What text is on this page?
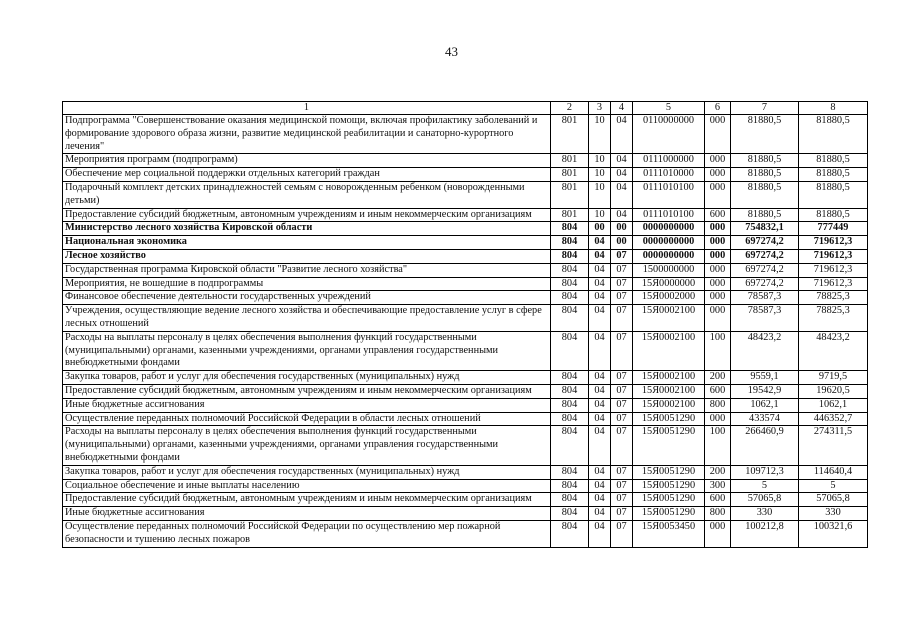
43
1	2	3	4	5	6	7	8
Подпрограмма "Совершенствование оказания медицинской помощи, включая профилактику заболеваний и формирование здорового образа жизни, развитие медицинской реабилитации и санаторно-курортного лечения"	801	10	04	0110000000	000	81880,5	81880,5
Мероприятия программ (подпрограмм)	801	10	04	0111000000	000	81880,5	81880,5
Обеспечение мер социальной поддержки отдельных категорий граждан	801	10	04	0111010000	000	81880,5	81880,5
Подарочный комплект детских принадлежностей семьям с новорожденным ребенком (новорожденными детьми)	801	10	04	0111010100	000	81880,5	81880,5
Предоставление субсидий бюджетным, автономным учреждениям и иным некоммерческим организациям	801	10	04	0111010100	600	81880,5	81880,5
Министерство лесного хозяйства Кировской области	804	00	00	0000000000	000	754832,1	777449
Национальная экономика	804	04	00	0000000000	000	697274,2	719612,3
Лесное хозяйство	804	04	07	0000000000	000	697274,2	719612,3
Государственная программа Кировской области "Развитие лесного хозяйства"	804	04	07	1500000000	000	697274,2	719612,3
Мероприятия, не вошедшие в подпрограммы	804	04	07	15Я0000000	000	697274,2	719612,3
Финансовое обеспечение деятельности государственных учреждений	804	04	07	15Я0002000	000	78587,3	78825,3
Учреждения, осуществляющие ведение лесного хозяйства и обеспечивающие предоставление услуг в сфере лесных отношений	804	04	07	15Я0002100	000	78587,3	78825,3
Расходы на выплаты персоналу в целях обеспечения выполнения функций государственными (муниципальными) органами, казенными учреждениями, органами управления государственными внебюджетными фондами	804	04	07	15Я0002100	100	48423,2	48423,2
Закупка товаров, работ и услуг для обеспечения государственных (муниципальных) нужд	804	04	07	15Я0002100	200	9559,1	9719,5
Предоставление субсидий бюджетным, автономным учреждениям и иным некоммерческим организациям	804	04	07	15Я0002100	600	19542,9	19620,5
Иные бюджетные ассигнования	804	04	07	15Я0002100	800	1062,1	1062,1
Осуществление переданных полномочий Российской Федерации в области лесных отношений	804	04	07	15Я0051290	000	433574	446352,7
Расходы на выплаты персоналу в целях обеспечения выполнения функций государственными (муниципальными) органами, казенными учреждениями, органами управления государственными внебюджетными фондами	804	04	07	15Я0051290	100	266460,9	274311,5
Закупка товаров, работ и услуг для обеспечения государственных (муниципальных) нужд	804	04	07	15Я0051290	200	109712,3	114640,4
Социальное обеспечение и иные выплаты населению	804	04	07	15Я0051290	300	5	5
Предоставление субсидий бюджетным, автономным учреждениям и иным некоммерческим организациям	804	04	07	15Я0051290	600	57065,8	57065,8
Иные бюджетные ассигнования	804	04	07	15Я0051290	800	330	330
Осуществление переданных полномочий Российской Федерации по осуществлению мер пожарной безопасности и тушению лесных пожаров	804	04	07	15Я0053450	000	100212,8	100321,6
